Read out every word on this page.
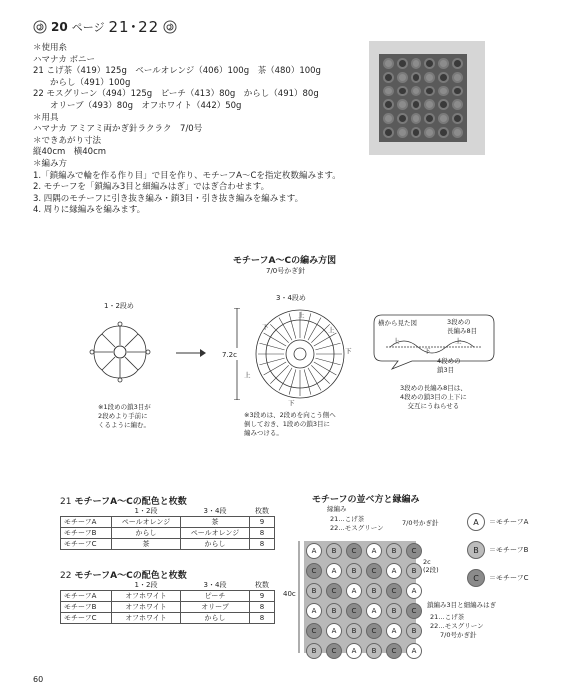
20 ページ 21･22
＊使用糸
ハマナカ ボニー
21 こげ茶（419）125g　ベールオレンジ（406）100g　茶（480）100g
　　からし（491）100g
22 モスグリーン（494）125g　ピーチ（413）80g　からし（491）80g
　　オリーブ（493）80g　オフホワイト（442）50g
＊用具
ハマナカ アミアミ両かぎ針ラクラク　7/0号
＊できあがり寸法
縦40cm　横40cm
＊編み方
1.「鎖編みで輪を作る作り目」で目を作り、モチーフA～Cを指定枚数編みます。
2. モチーフを「鎖編み3目と細編みはぎ」ではぎ合わせます。
3. 四隅のモチーフに引き抜き編み・鎖3目・引き抜き編みを編みます。
4. 周りに縁編みを編みます。
モチーフA～Cの編み方図
7/0号かぎ針
1・2段め
3・4段め
※1段めの鎖3目が
2段めより手前に
くるように編む。
7.2c
上
下
下
上
下	上
※3段めは、2段めを向こう側へ
倒しておき、1段めの鎖3目に
編みつける。
横から見た図	3段めの
長編み8目
4段めの
鎖3目
3段めの長編み8目は、
4段めの鎖3目の上下に
交互にうねらせる
上
下
上
21 モチーフA～Cの配色と枚数
	1・2段	3・4段	枚数
モチーフA	ペールオレンジ	茶	9
モチーフB	からし	ペールオレンジ	8
モチーフC	茶	からし	8
22 モチーフA～Cの配色と枚数
	1・2段	3・4段	枚数
モチーフA	オフホワイト	ピーチ	9
モチーフB	オフホワイト	オリーブ	8
モチーフC	オフホワイト	からし	8
モチーフの並べ方と縁編み
縁編み
21…こげ茶
22…モスグリーン
7/0号かぎ針
A	B	C	A	B	C
C	A	B	C	A	B
B	C	A	B	C	A
A	B	C	A	B	C
C	A	B	C	A	B
B	C	A	B	C	A
40c
2c
(2段)
鎖編み3目と細編みはぎ
21…こげ茶
22…モスグリーン
7/0号かぎ針
A	＝モチーフA
B	＝モチーフB
C	＝モチーフC
60
